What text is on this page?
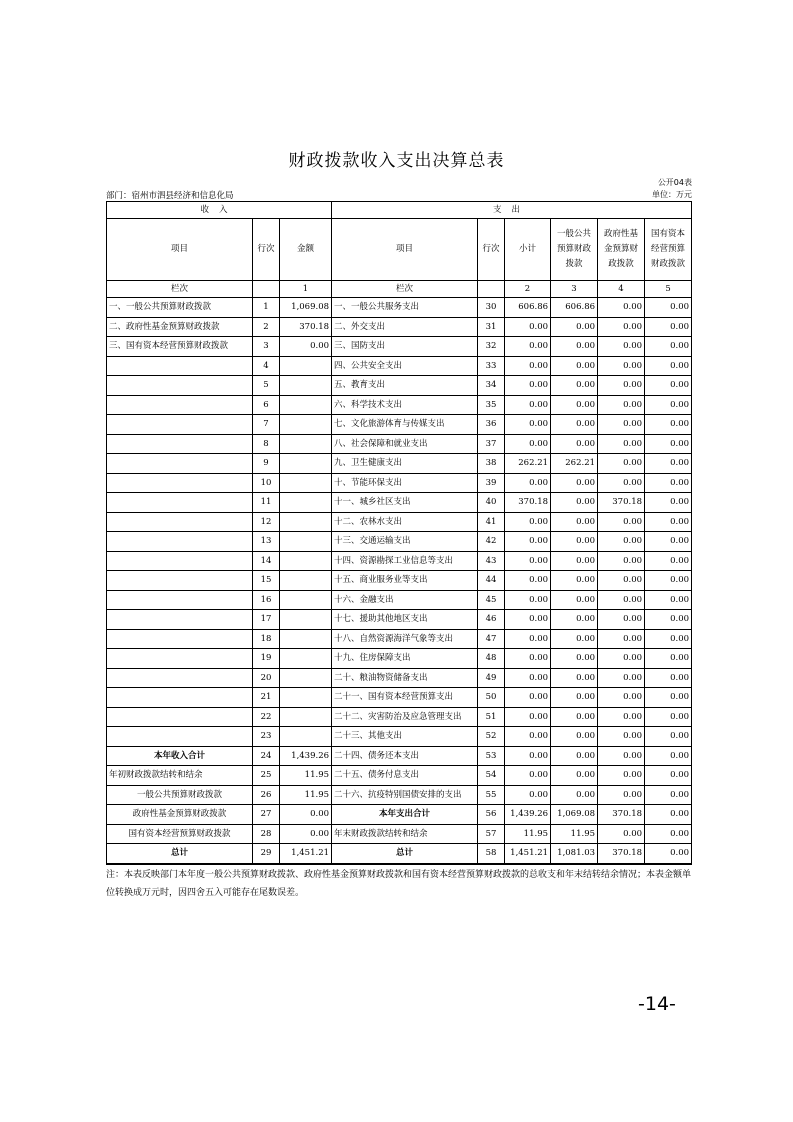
财政拨款收入支出决算总表
公开04表
部门：宿州市泗县经济和信息化局	单位：万元
收入			支出					
项目	行次	金额	项目	行次	小计	一般公共预算财政拨款	政府性基金预算财政拨款	国有资本经营预算财政拨款
栏次		1	栏次		2	3	4	5
一、一般公共预算财政拨款	1	1,069.08	一、一般公共服务支出	30	606.86	606.86	0.00	0.00
二、政府性基金预算财政拨款	2	370.18	二、外交支出	31	0.00	0.00	0.00	0.00
三、国有资本经营预算财政拨款	3	0.00	三、国防支出	32	0.00	0.00	0.00	0.00
	4		四、公共安全支出	33	0.00	0.00	0.00	0.00
	5		五、教育支出	34	0.00	0.00	0.00	0.00
	6		六、科学技术支出	35	0.00	0.00	0.00	0.00
	7		七、文化旅游体育与传媒支出	36	0.00	0.00	0.00	0.00
	8		八、社会保障和就业支出	37	0.00	0.00	0.00	0.00
	9		九、卫生健康支出	38	262.21	262.21	0.00	0.00
	10		十、节能环保支出	39	0.00	0.00	0.00	0.00
	11		十一、城乡社区支出	40	370.18	0.00	370.18	0.00
	12		十二、农林水支出	41	0.00	0.00	0.00	0.00
	13		十三、交通运输支出	42	0.00	0.00	0.00	0.00
	14		十四、资源勘探工业信息等支出	43	0.00	0.00	0.00	0.00
	15		十五、商业服务业等支出	44	0.00	0.00	0.00	0.00
	16		十六、金融支出	45	0.00	0.00	0.00	0.00
	17		十七、援助其他地区支出	46	0.00	0.00	0.00	0.00
	18		十八、自然资源海洋气象等支出	47	0.00	0.00	0.00	0.00
	19		十九、住房保障支出	48	0.00	0.00	0.00	0.00
	20		二十、粮油物资储备支出	49	0.00	0.00	0.00	0.00
	21		二十一、国有资本经营预算支出	50	0.00	0.00	0.00	0.00
	22		二十二、灾害防治及应急管理支出	51	0.00	0.00	0.00	0.00
	23		二十三、其他支出	52	0.00	0.00	0.00	0.00
本年收入合计	24	1,439.26	二十四、债务还本支出	53	0.00	0.00	0.00	0.00
年初财政拨款结转和结余	25	11.95	二十五、债务付息支出	54	0.00	0.00	0.00	0.00
一般公共预算财政拨款	26	11.95	二十六、抗疫特别国债安排的支出	55	0.00	0.00	0.00	0.00
政府性基金预算财政拨款	27	0.00	本年支出合计	56	1,439.26	1,069.08	370.18	0.00
国有资本经营预算财政拨款	28	0.00	年末财政拨款结转和结余	57	11.95	11.95	0.00	0.00
总计	29	1,451.21	总计	58	1,451.21	1,081.03	370.18	0.00
注：本表反映部门本年度一般公共预算财政拨款、政府性基金预算财政拨款和国有资本经营预算财政拨款的总收支和年末结转结余情况；本表金额单位转换成万元时，因四舍五入可能存在尾数误差。
-14-
